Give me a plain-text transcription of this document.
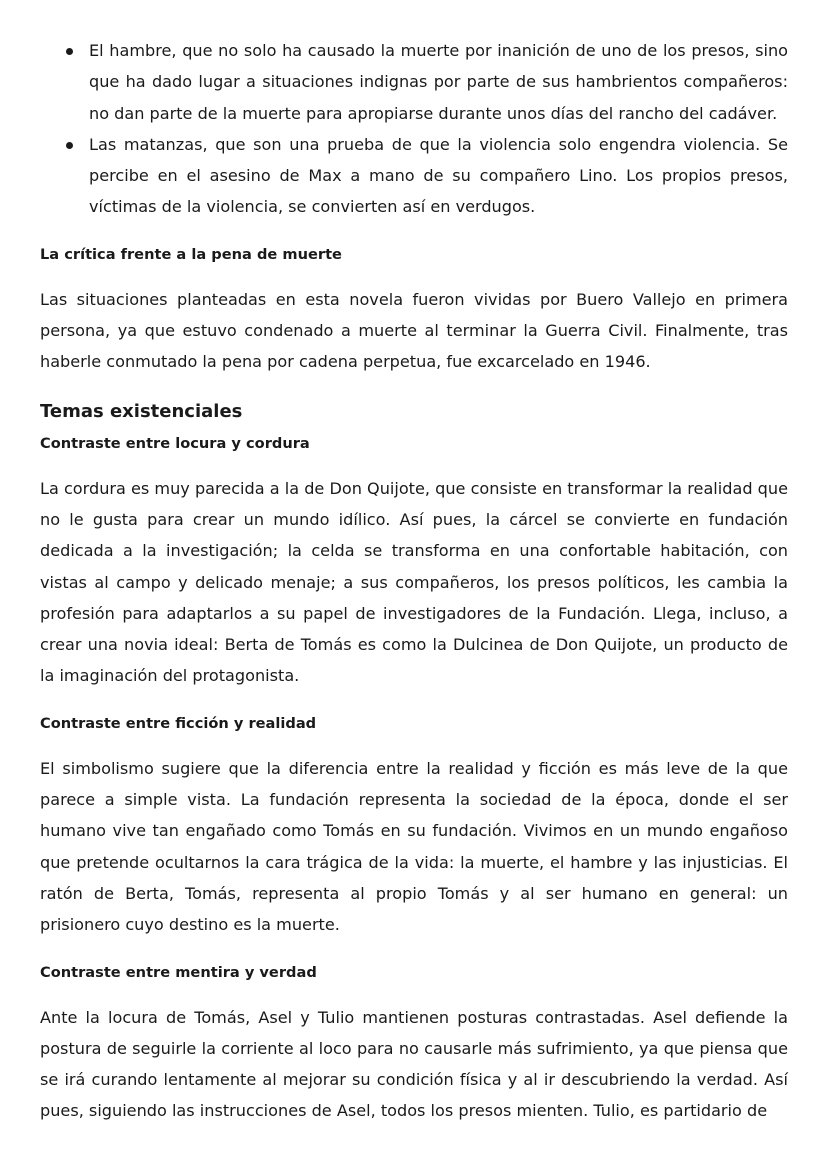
El hambre, que no solo ha causado la muerte por inanición de uno de los presos, sino que ha dado lugar a situaciones indignas por parte de sus hambrientos compañeros: no dan parte de la muerte para apropiarse durante unos días del rancho del cadáver.
Las matanzas, que son una prueba de que la violencia solo engendra violencia. Se percibe en el asesino de Max a mano de su compañero Lino. Los propios presos, víctimas de la violencia, se convierten así en verdugos.
La crítica frente a la pena de muerte

Las situaciones planteadas en esta novela fueron vividas por Buero Vallejo en primera persona, ya que estuvo condenado a muerte al terminar la Guerra Civil. Finalmente, tras haberle conmutado la pena por cadena perpetua, fue excarcelado en 1946.

Temas existenciales
Contraste entre locura y cordura

La cordura es muy parecida a la de Don Quijote, que consiste en transformar la realidad que no le gusta para crear un mundo idílico. Así pues, la cárcel se convierte en fundación dedicada a la investigación; la celda se transforma en una confortable habitación, con vistas al campo y delicado menaje; a sus compañeros, los presos políticos, les cambia la profesión para adaptarlos a su papel de investigadores de la Fundación. Llega, incluso, a crear una novia ideal: Berta de Tomás es como la Dulcinea de Don Quijote, un producto de la imaginación del protagonista.

Contraste entre ficción y realidad

El simbolismo sugiere que la diferencia entre la realidad y ficción es más leve de la que parece a simple vista. La fundación representa la sociedad de la época, donde el ser humano vive tan engañado como Tomás en su fundación. Vivimos en un mundo engañoso que pretende ocultarnos la cara trágica de la vida: la muerte, el hambre y las injusticias. El ratón de Berta, Tomás, representa al propio Tomás y al ser humano en general: un prisionero cuyo destino es la muerte.

Contraste entre mentira y verdad

Ante la locura de Tomás, Asel y Tulio mantienen posturas contrastadas. Asel defiende la postura de seguirle la corriente al loco para no causarle más sufrimiento, ya que piensa que se irá curando lentamente al mejorar su condición física y al ir descubriendo la verdad. Así pues, siguiendo las instrucciones de Asel, todos los presos mienten. Tulio, es partidario de
